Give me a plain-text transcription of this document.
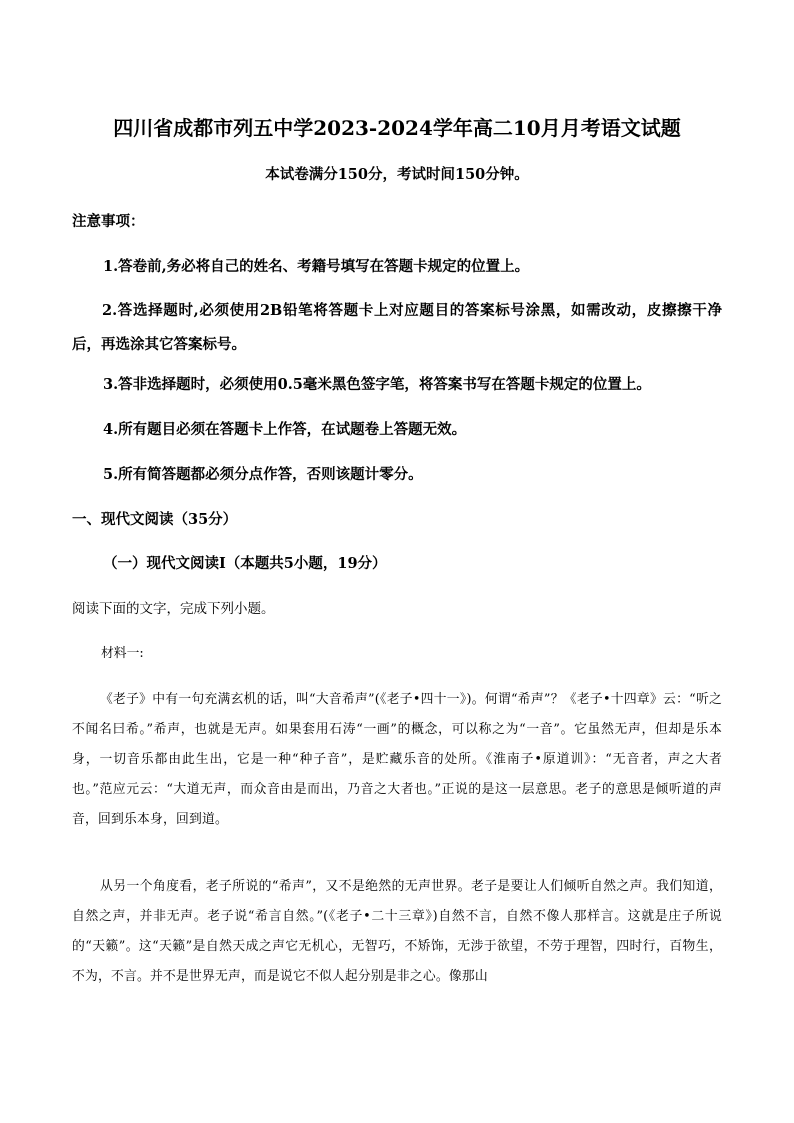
四川省成都市列五中学2023-2024学年高二10月月考语文试题
本试卷满分150分，考试时间150分钟。
注意事项：
1.答卷前,务必将自己的姓名、考籍号填写在答题卡规定的位置上。
2.答选择题时,必须使用2B铅笔将答题卡上对应题目的答案标号涂黑，如需改动，皮擦擦干净后，再选涂其它答案标号。
3.答非选择题时，必须使用0.5毫米黑色签字笔，将答案书写在答题卡规定的位置上。
4.所有题目必须在答题卡上作答，在试题卷上答题无效。
5.所有简答题都必须分点作答，否则该题计零分。
一、现代文阅读（35分）
（一）现代文阅读Ⅰ（本题共5小题，19分）
阅读下面的文字，完成下列小题。
材料一:
《老子》中有一句充满玄机的话，叫“大音希声”(《老子•四十一》)。何谓“希声”？《老子•十四章》云：“听之不闻名曰希。”希声，也就是无声。如果套用石涛“一画”的概念，可以称之为“一音”。它虽然无声，但却是乐本身，一切音乐都由此生出，它是一种“种子音”，是贮藏乐音的处所。《淮南子•原道训》：“无音者，声之大者也。”范应元云：“大道无声，而众音由是而出，乃音之大者也。”正说的是这一层意思。老子的意思是倾听道的声音，回到乐本身，回到道。
从另一个角度看，老子所说的“希声”，又不是绝然的无声世界。老子是要让人们倾听自然之声。我们知道，自然之声，并非无声。老子说“希言自然。”(《老子•二十三章》)自然不言，自然不像人那样言。这就是庄子所说的“天籁”。这“天籁”是自然天成之声它无机心，无智巧，不矫饰，无涉于欲望，不劳于理智，四时行，百物生，不为，不言。并不是世界无声，而是说它不似人起分别是非之心。像那山
